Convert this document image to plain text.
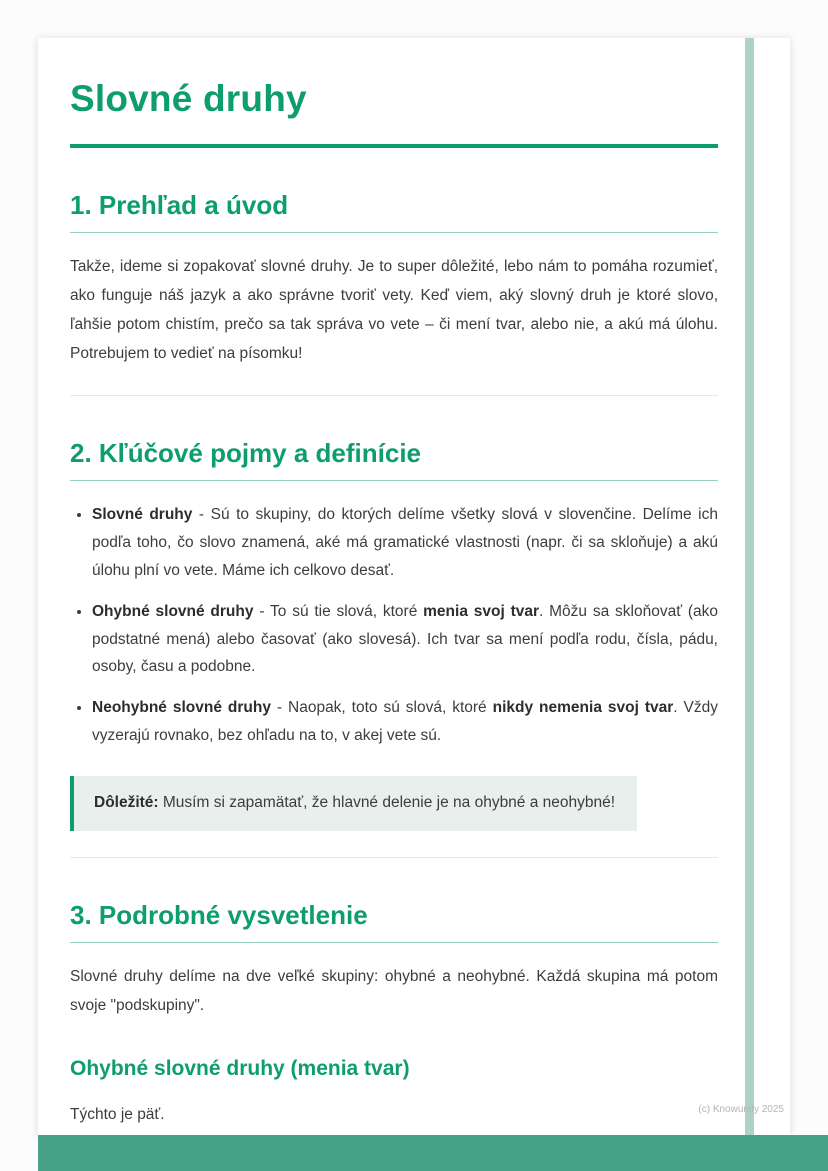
Slovné druhy
1. Prehľad a úvod

Takže, ideme si zopakovať slovné druhy. Je to super dôležité, lebo nám to pomáha rozumieť, ako funguje náš jazyk a ako správne tvoriť vety. Keď viem, aký slovný druh je ktoré slovo, ľahšie potom chistím, prečo sa tak správa vo vete – či mení tvar, alebo nie, a akú má úlohu. Potrebujem to vedieť na písomku!

2. Kľúčové pojmy a definície
• Slovné druhy - Sú to skupiny, do ktorých delíme všetky slová v slovenčine. Delíme ich podľa toho, čo slovo znamená, aké má gramatické vlastnosti (napr. či sa skloňuje) a akú úlohu plní vo vete. Máme ich celkovo desať.
• Ohybné slovné druhy - To sú tie slová, ktoré menia svoj tvar. Môžu sa skloňovať (ako podstatné mená) alebo časovať (ako slovesá). Ich tvar sa mení podľa rodu, čísla, pádu, osoby, času a podobne.
• Neohybné slovné druhy - Naopak, toto sú slová, ktoré nikdy nemenia svoj tvar. Vždy vyzerajú rovnako, bez ohľadu na to, v akej vete sú.
Dôležité: Musím si zapamätať, že hlavné delenie je na ohybné a neohybné!
3. Podrobné vysvetlenie

Slovné druhy delíme na dve veľké skupiny: ohybné a neohybné. Každá skupina má potom svoje "podskupiny".

Ohybné slovné druhy (menia tvar)

Týchto je päť.	(c) Knowunity 2025
